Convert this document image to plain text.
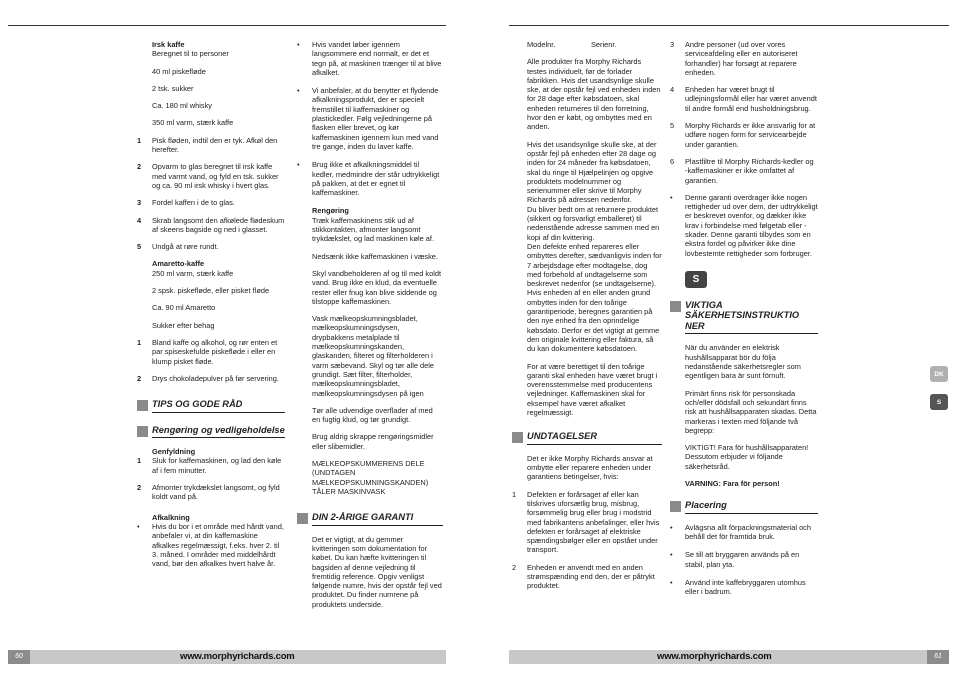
Irsk kaffe

Beregnet til to personer

40 ml piskefløde

2 tsk. sukker

Ca. 180 ml whisky

350 ml varm, stærk kaffe

1	Pisk fløden, indtil den er tyk. Afkøl den herefter.
2	Opvarm to glas beregnet til irsk kaffe med varmt vand, og fyld en tsk. sukker og ca. 90 ml irsk whisky i hvert glas.
3	Fordel kaffen i de to glas.
4	Skrab langsomt den afkølede flødeskum af skeens bagside og ned i glasset.
5	Undgå at røre rundt.
Amaretto-kaffe

250 ml varm, stærk kaffe

2 spsk. piskefløde, eller pisket fløde

Ca. 90 ml Amaretto

Sukker efter behag

1	Bland kaffe og alkohol, og rør enten et par spiseskefulde piskefløde i eller en klump pisket fløde.
2	Drys chokoladepulver på før servering.
TIPS OG GODE RÅD
Rengøring og vedligeholdelse
Genfyldning
1	Sluk for kaffemaskinen, og lad den køle af i fem minutter.
2	Afmonter trykdækslet langsomt, og fyld koldt vand på.
Afkalkning
•	Hvis du bor i et område med hårdt vand, anbefaler vi, at din kaffemaskine afkalkes regelmæssigt, f.eks. hver 2. til 3. måned. I områder med middelhårdt vand, bør den afkalkes hvert halve år.
•	Hvis vandet løber igennem langsommere end normalt, er det et tegn på, at maskinen trænger til at blive afkalket.
•	Vi anbefaler, at du benytter et flydende afkalkningsprodukt, der er specielt fremstillet til kaffemaskiner og plastickedler. Følg vejledningerne på flasken eller brevet, og kør kaffemaskinen igennem kun med vand tre gange, inden du laver kaffe.
•	Brug ikke et afkalkningsmiddel til kedler, medmindre der står udtrykkeligt på pakken, at det er egnet til kaffemaskiner.
Rengøring

Træk kaffemaskinens stik ud af stikkontakten, afmonter langsomt trykdækslet, og lad maskinen køle af.

Nedsænk ikke kaffemaskinen i væske.

Skyl vandbeholderen af og til med koldt vand. Brug ikke en klud, da eventuelle rester eller fnug kan blive siddende og tilstoppe kaffemaskinen.

Vask mælkeopskumningsbladet, mælkeopskumningsdysen, drypbakkens metalplade til mælkeopskumningskanden, glaskanden, filteret og filterholderen i varm sæbevand. Skyl og tør alle dele grundigt. Sæt filter, filterholder, mælkeopskumningsbladet, mælkeopskumningsdysen på igen

Tør alle udvendige overflader af med en fugtig klud, og tør grundigt.

Brug aldrig skrappe rengøringsmidler eller slibemidler.

MÆLKEOPSKUMMERENS DELE (UNDTAGEN MÆLKEOPSKUMNINGSKANDEN) TÅLER MASKINVASK

DIN 2-ÅRIGE GARANTI

Det er vigtigt, at du gemmer kvitteringen som dokumentation for købet. Du kan hæfte kvitteringen til bagsiden af denne vejledning til fremtidig reference. Opgiv venligst følgende numre, hvis der opstår fejl ved produktet. Du finder numrene på produktets underside.

60	www.morphyrichards.com
Modelnr.	Serienr.

Alle produkter fra Morphy Richards testes individuelt, før de forlader fabrikken. Hvis det usandsynlige skulle ske, at der opstår fejl ved enheden inden for 28 dage efter købsdatoen, skal enheden returneres til den forretning, hvor den er købt, og ombyttes med en anden.

Hvis det usandsynlige skulle ske, at der opstår fejl på enheden efter 28 dage og inden for 24 måneder fra købsdatoen, skal du ringe til Hjælpelinjen og opgive produktets modelnummer og serienummer eller skrive til Morphy Richards på adressen nedenfor.

Du bliver bedt om at returnere produktet (sikkert og forsvarligt emballeret) til nedenstående adresse sammen med en kopi af din kvittering.

Den defekte enhed repareres eller ombyttes derefter, sædvanligvis inden for 7 arbejdsdage efter modtagelse, dog med forbehold af undtagelserne som beskrevet nedenfor (se undtagelserne). Hvis enheden af en eller anden grund ombyttes inden for den toårige garantiperiode, beregnes garantien på den nye enhed fra den oprindelige købsdato. Derfor er det vigtigt at gemme den originale kvittering eller faktura, så du kan dokumentere købsdatoen.

For at være berettiget til den toårige garanti skal enheden have været brugt i overensstemmelse med producentens vejledninger. Kaffemaskinen skal for eksempel have været afkalket regelmæssigt.

UNDTAGELSER

Det er ikke Morphy Richards ansvar at ombytte eller reparere enheden under garantiens betingelser, hvis:

1	Defekten er forårsaget af eller kan tilskrives uforsætlig brug, misbrug, forsømmelig brug eller brug i modstrid med fabrikantens anbefalinger, eller hvis defekten er forårsaget af elektriske spændingsbølger eller en opstået under transport.
2	Enheden er anvendt med en anden strømspænding end den, der er påtrykt produktet.
3	Andre personer (ud over vores serviceafdeling eller en autoriseret forhandler) har forsøgt at reparere enheden.
4	Enheden har været brugt til udlejningsformål eller har været anvendt til andre formål end husholdningsbrug.
5	Morphy Richards er ikke ansvarlig for at udføre nogen form for servicearbejde under garantien.
6	Plastfiltre til Morphy Richards-kedler og -kaffemaskiner er ikke omfattet af garantien.
•	Denne garanti overdrager ikke nogen rettigheder ud over dem, der udtrykkeligt er beskrevet ovenfor, og dækker ikke krav i forbindelse med følgetab eller -skader. Denne garanti tilbydes som en ekstra fordel og påvirker ikke dine lovbestemte rettigheder som forbruger.
S
VIKTIGA SÄKERHETSINSTRUKTIO NER

När du använder en elektrisk hushållsapparat bör du följa nedanstående säkerhetsregler som egentligen bara är sunt förnuft.

Primärt finns risk för personskada och/eller dödsfall och sekundärt finns risk att hushållsapparaten skadas. Detta markeras i texten med följande två begrepp:

VIKTIGT! Fara för hushållsapparaten! Dessutom erbjuder vi följande säkerhetsråd.

VARNING: Fara för person!

Placering
•	Avlägsna allt förpackningsmaterial och behåll det för framtida bruk.
•	Se till att bryggaren används på en stabil, plan yta.
•	Använd inte kaffebryggaren utomhus eller i badrum.
61
www.morphyrichards.com
DK
S
